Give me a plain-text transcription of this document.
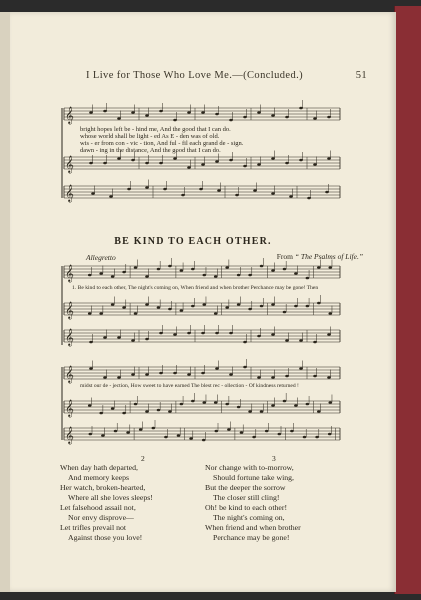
I Live for Those Who Love Me.—(Concluded.)	51
𝄞
𝄞
𝄞
𝄞
𝄞
𝄞
𝄞
𝄞
𝄞
bright hopes left be - hind me, And the good that I can do.
whose world shall be light - ed As E - den was of old.
wis - er from con - vic - tion, And ful - fil each grand de - sign.
dawn - ing in the distance, And the good that I can do.
BE KIND TO EACH OTHER.
Allegretto	From “ The Psalms of Life.”
1. Be kind to each other, The night's coming on, When friend and when brother Perchance may be gone! Then
midst our de - jection, How sweet to have earned The blest rec - ollection - Of kindness returned !
2
When day hath departed,
And memory keeps
Her watch, broken-hearted,
Where all she loves sleeps!
Let falsehood assail not,
Nor envy disprove—
Let trifles prevail not
Against those you love!
3
Nor change with to-morrow,
Should fortune take wing,
But the deeper the sorrow
The closer still cling!
Oh! be kind to each other!
The night's coming on,
When friend and when brother
Perchance may be gone!
